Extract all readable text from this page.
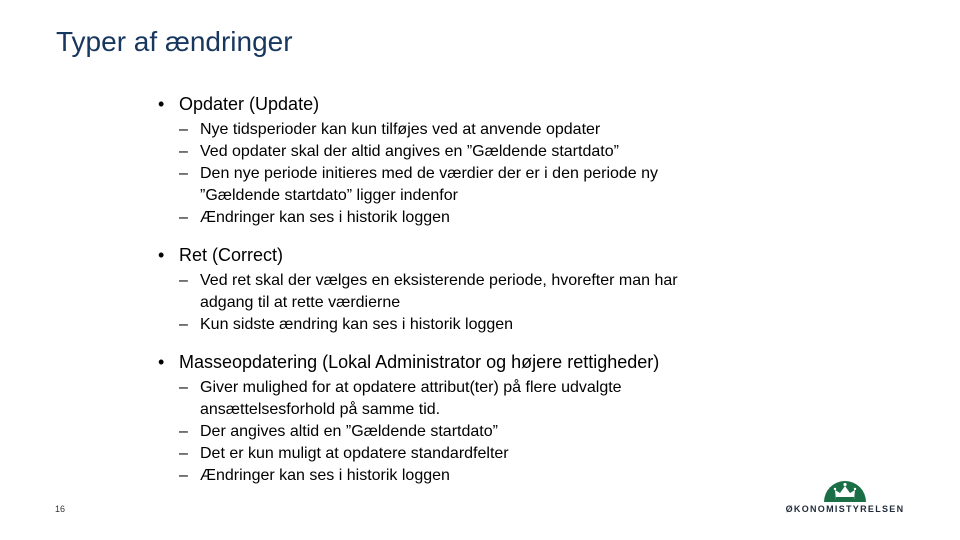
Typer af ændringer
• Opdater (Update)
– Nye tidsperioder kan kun tilføjes ved at anvende opdater
– Ved opdater skal der altid angives en ”Gældende startdato”
– Den nye periode initieres med de værdier der er i den periode ny ”Gældende startdato” ligger indenfor
– Ændringer kan ses i historik loggen
• Ret (Correct)
– Ved ret skal der vælges en eksisterende periode, hvorefter man har adgang til at rette værdierne
– Kun sidste ændring kan ses i historik loggen
• Masseopdatering (Lokal Administrator og højere rettigheder)
– Giver mulighed for at opdatere attribut(ter) på flere udvalgte ansættelsesforhold på samme tid.
– Der angives altid en ”Gældende startdato”
– Det er kun muligt at opdatere standardfelter
– Ændringer kan ses i historik loggen
16	ØKONOMISTYRELSEN
